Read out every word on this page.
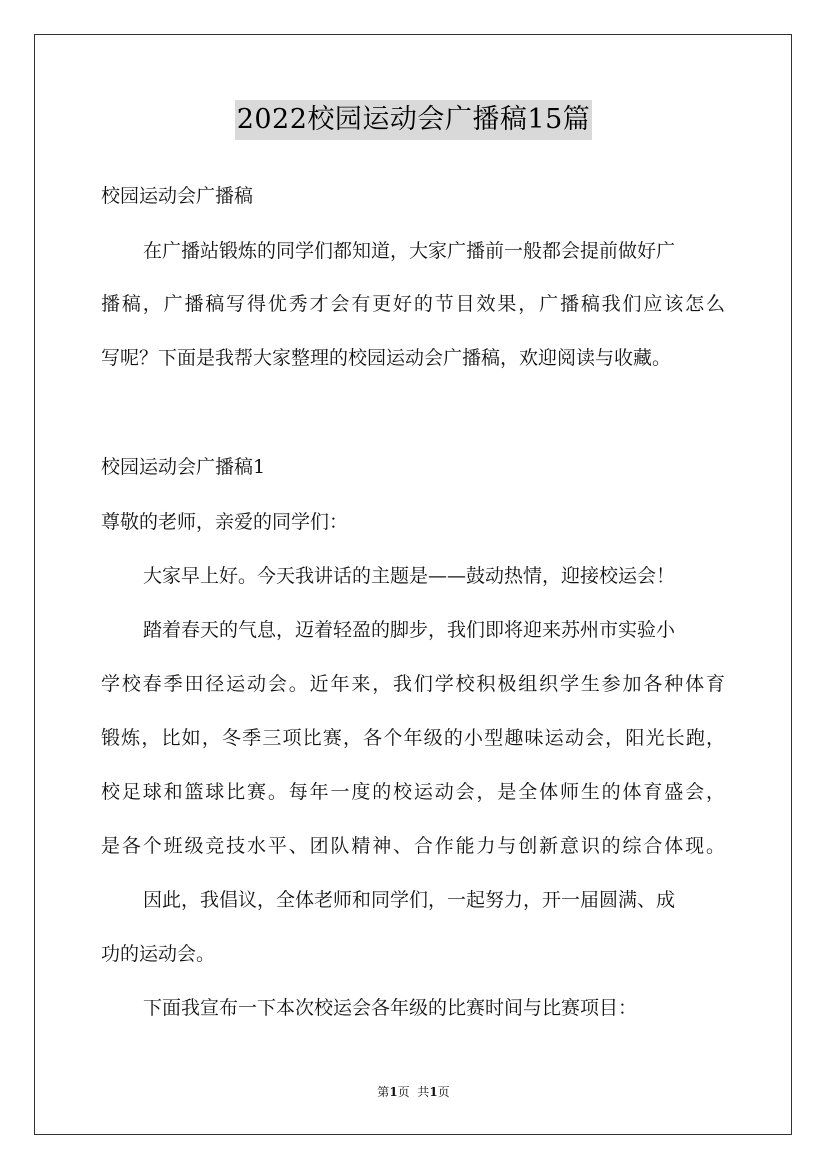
2022校园运动会广播稿15篇
校园运动会广播稿
在广播站锻炼的同学们都知道，大家广播前一般都会提前做好广
播稿，广播稿写得优秀才会有更好的节目效果，广播稿我们应该怎么
写呢？下面是我帮大家整理的校园运动会广播稿，欢迎阅读与收藏。
校园运动会广播稿1
尊敬的老师，亲爱的同学们：
大家早上好。今天我讲话的主题是——鼓动热情，迎接校运会！
踏着春天的气息，迈着轻盈的脚步，我们即将迎来苏州市实验小
学校春季田径运动会。近年来，我们学校积极组织学生参加各种体育
锻炼，比如，冬季三项比赛，各个年级的小型趣味运动会，阳光长跑，
校足球和篮球比赛。每年一度的校运动会，是全体师生的体育盛会，
是各个班级竞技水平、团队精神、合作能力与创新意识的综合体现。
因此，我倡议，全体老师和同学们，一起努力，开一届圆满、成
功的运动会。
下面我宣布一下本次校运会各年级的比赛时间与比赛项目：
第1页  共1页
